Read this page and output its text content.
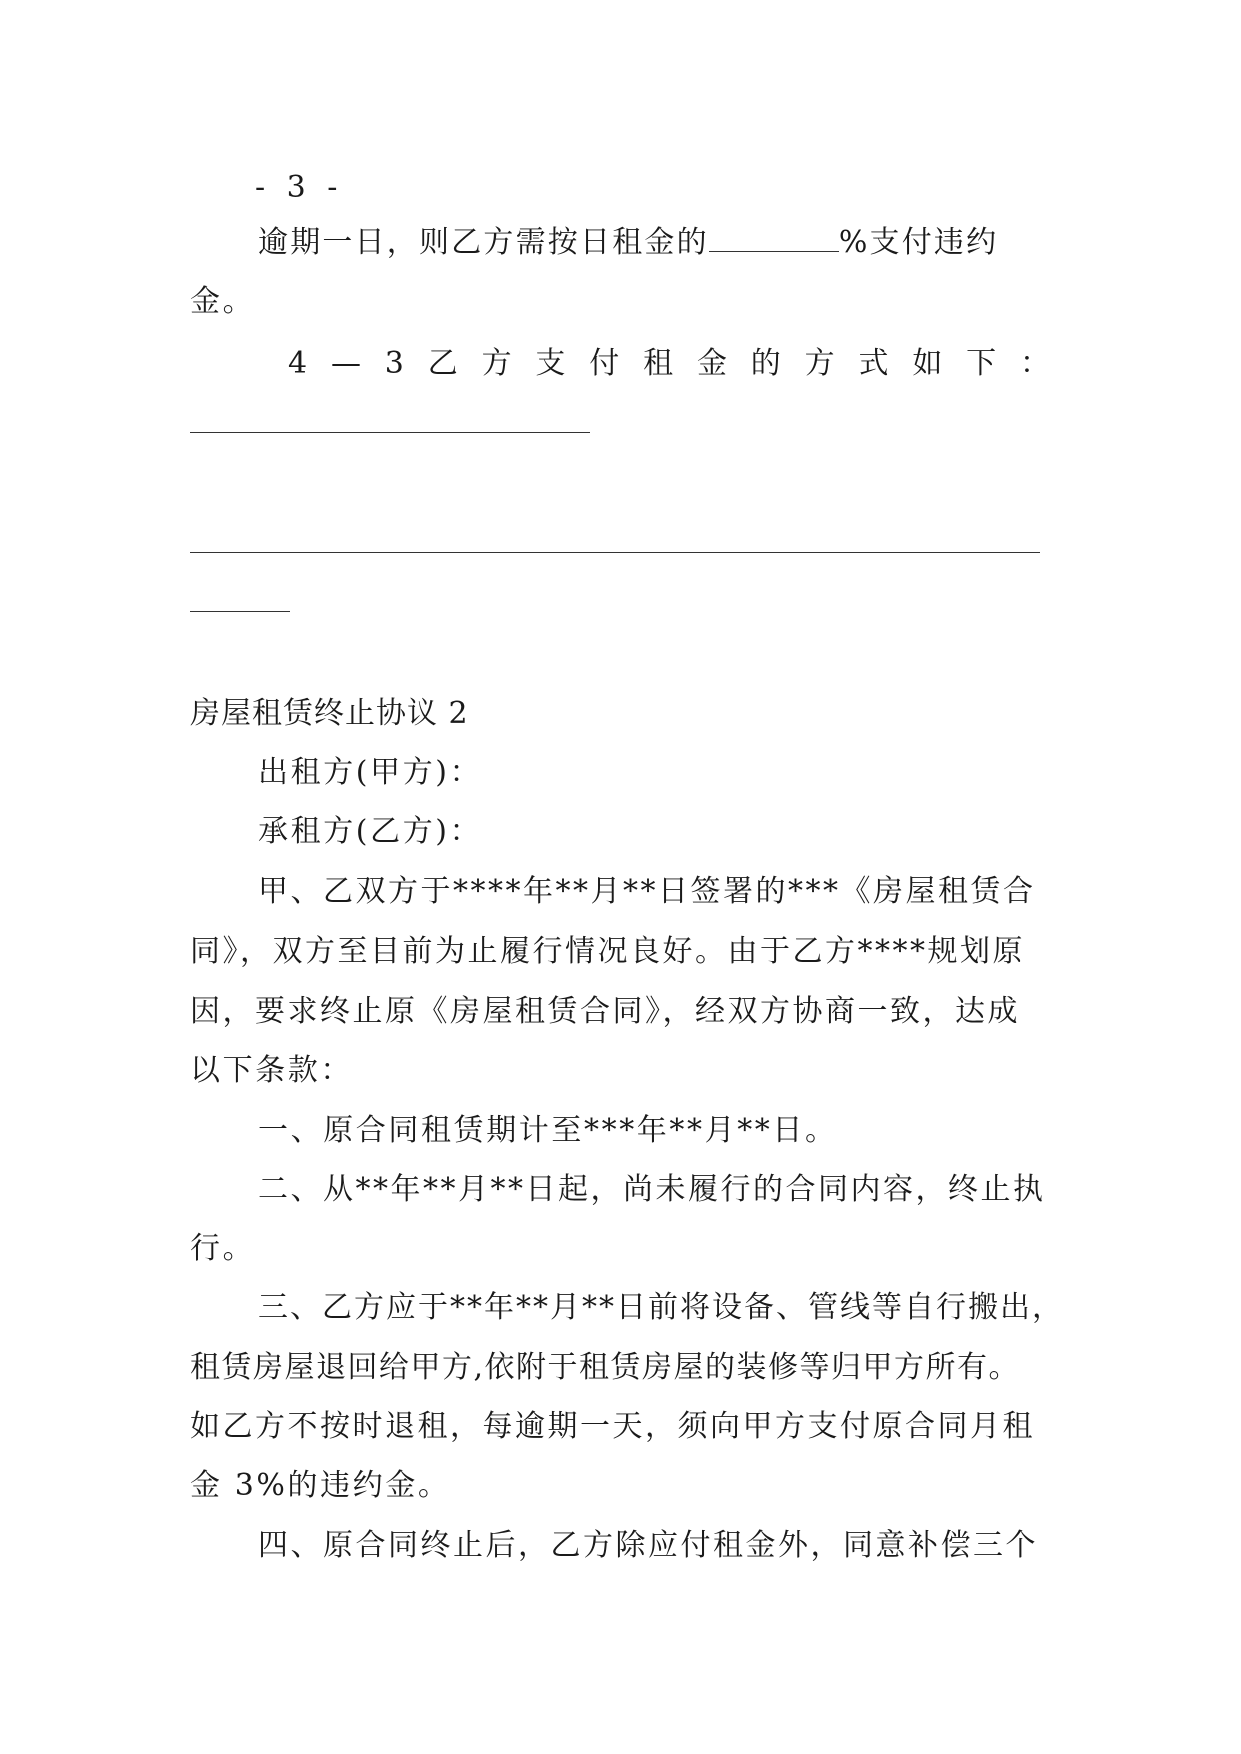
- 3 -
逾期一日，则乙方需按日租金的	%支付违约
金。
4 — 3 乙 方 支 付 租 金 的 方 式 如 下 ：
房屋租赁终止协议 2
出租方(甲方)：
承租方(乙方)：
甲、乙双方于****年**月**日签署的***《房屋租赁合
同》，双方至目前为止履行情况良好。由于乙方****规划原
因，要求终止原《房屋租赁合同》，经双方协商一致，达成
以下条款：
一、原合同租赁期计至***年**月**日。
二、从**年**月**日起，尚未履行的合同内容，终止执
行。
三、乙方应于**年**月**日前将设备、管线等自行搬出，
租赁房屋退回给甲方,依附于租赁房屋的装修等归甲方所有。
如乙方不按时退租，每逾期一天，须向甲方支付原合同月租
金 3%的违约金。
四、原合同终止后，乙方除应付租金外，同意补偿三个
